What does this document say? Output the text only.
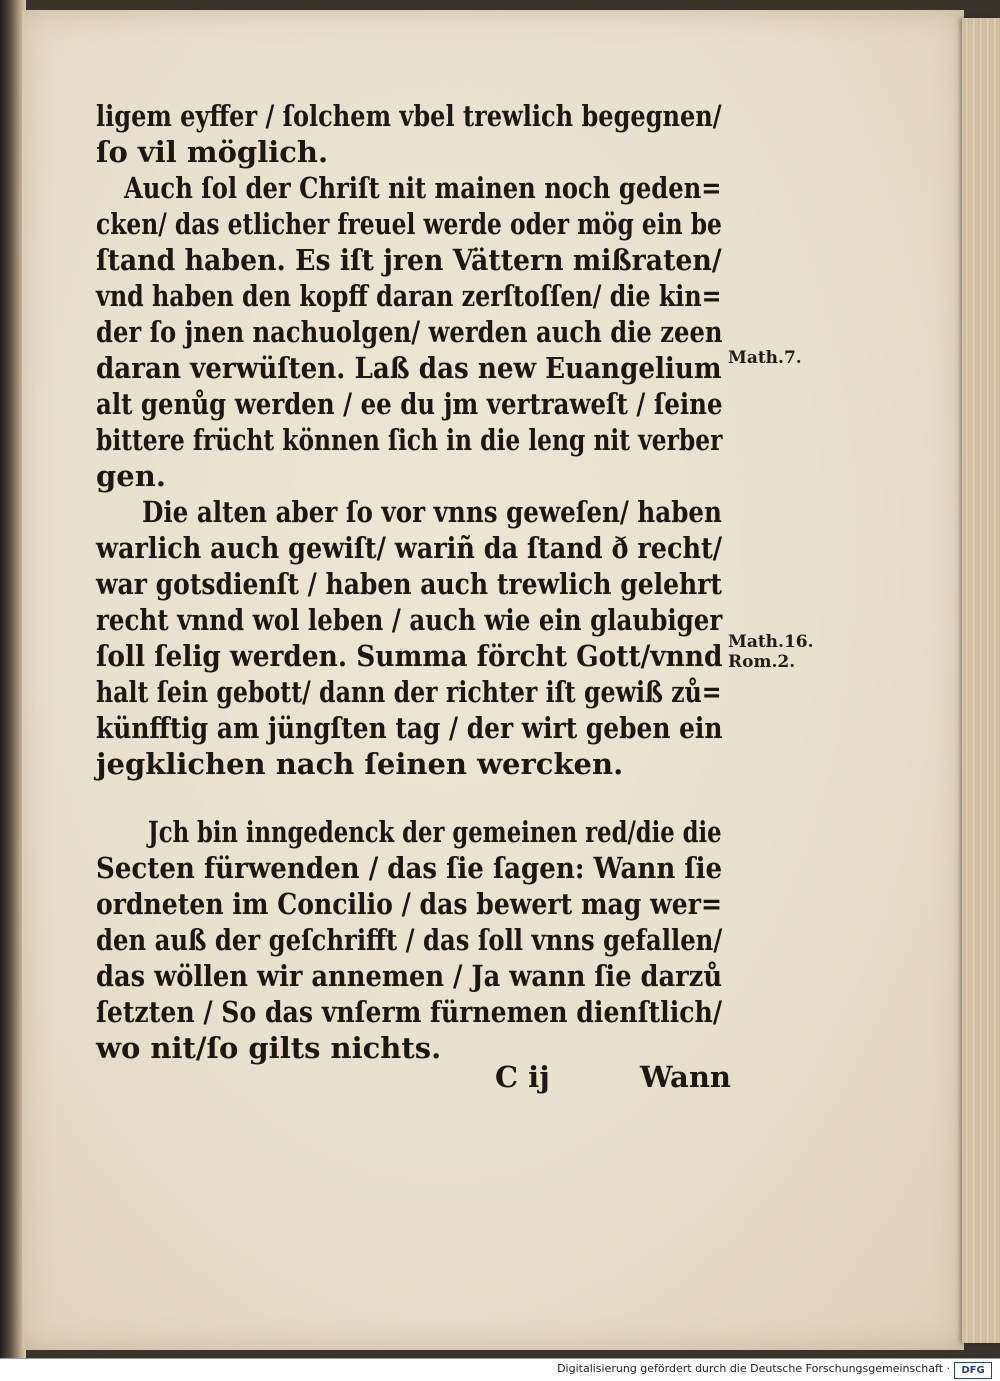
ligem eyffer / ſolchem vbel trewlich begegnen/
ſo vil möglich.
Auch ſol der Chriſt nit mainen noch geden=
cken/ das etlicher freuel werde oder mög ein be
ſtand haben. Es iſt jren Vättern mißraten/
vnd haben den kopff daran zerſtoſſen/ die kin=
der ſo jnen nachuolgen/ werden auch die zeen
daran verwüſten. Laß das new Euangelium
alt genůg werden / ee du jm vertraweſt / ſeine
bittere frücht können ſich in die leng nit verber
gen.
Die alten aber ſo vor vnns geweſen/ haben
warlich auch gewiſt/ wariñ da ſtand ð recht/
war gotsdienſt / haben auch trewlich gelehrt
recht vnnd wol leben / auch wie ein glaubiger
ſoll ſelig werden. Summa förcht Gott/vnnd
halt ſein gebott/ dann der richter iſt gewiß zů=
künfftig am jüngſten tag / der wirt geben ein
jegklichen nach ſeinen wercken.
Jch bin inngedenck der gemeinen red/die die
Secten fürwenden / das ſie ſagen: Wann ſie
ordneten im Concilio / das bewert mag wer=
den auß der geſchrifft / das ſoll vnns gefallen/
das wöllen wir annemen / Ja wann ſie darzů
ſetzten / So das vnſerm fürnemen dienſtlich/
wo nit/ſo gilts nichts.
Math.7.
Math.16.
Rom.2.
C ij	Wann
Digitalisierung gefördert durch die Deutsche Forschungsgemeinschaft ·	DFG
